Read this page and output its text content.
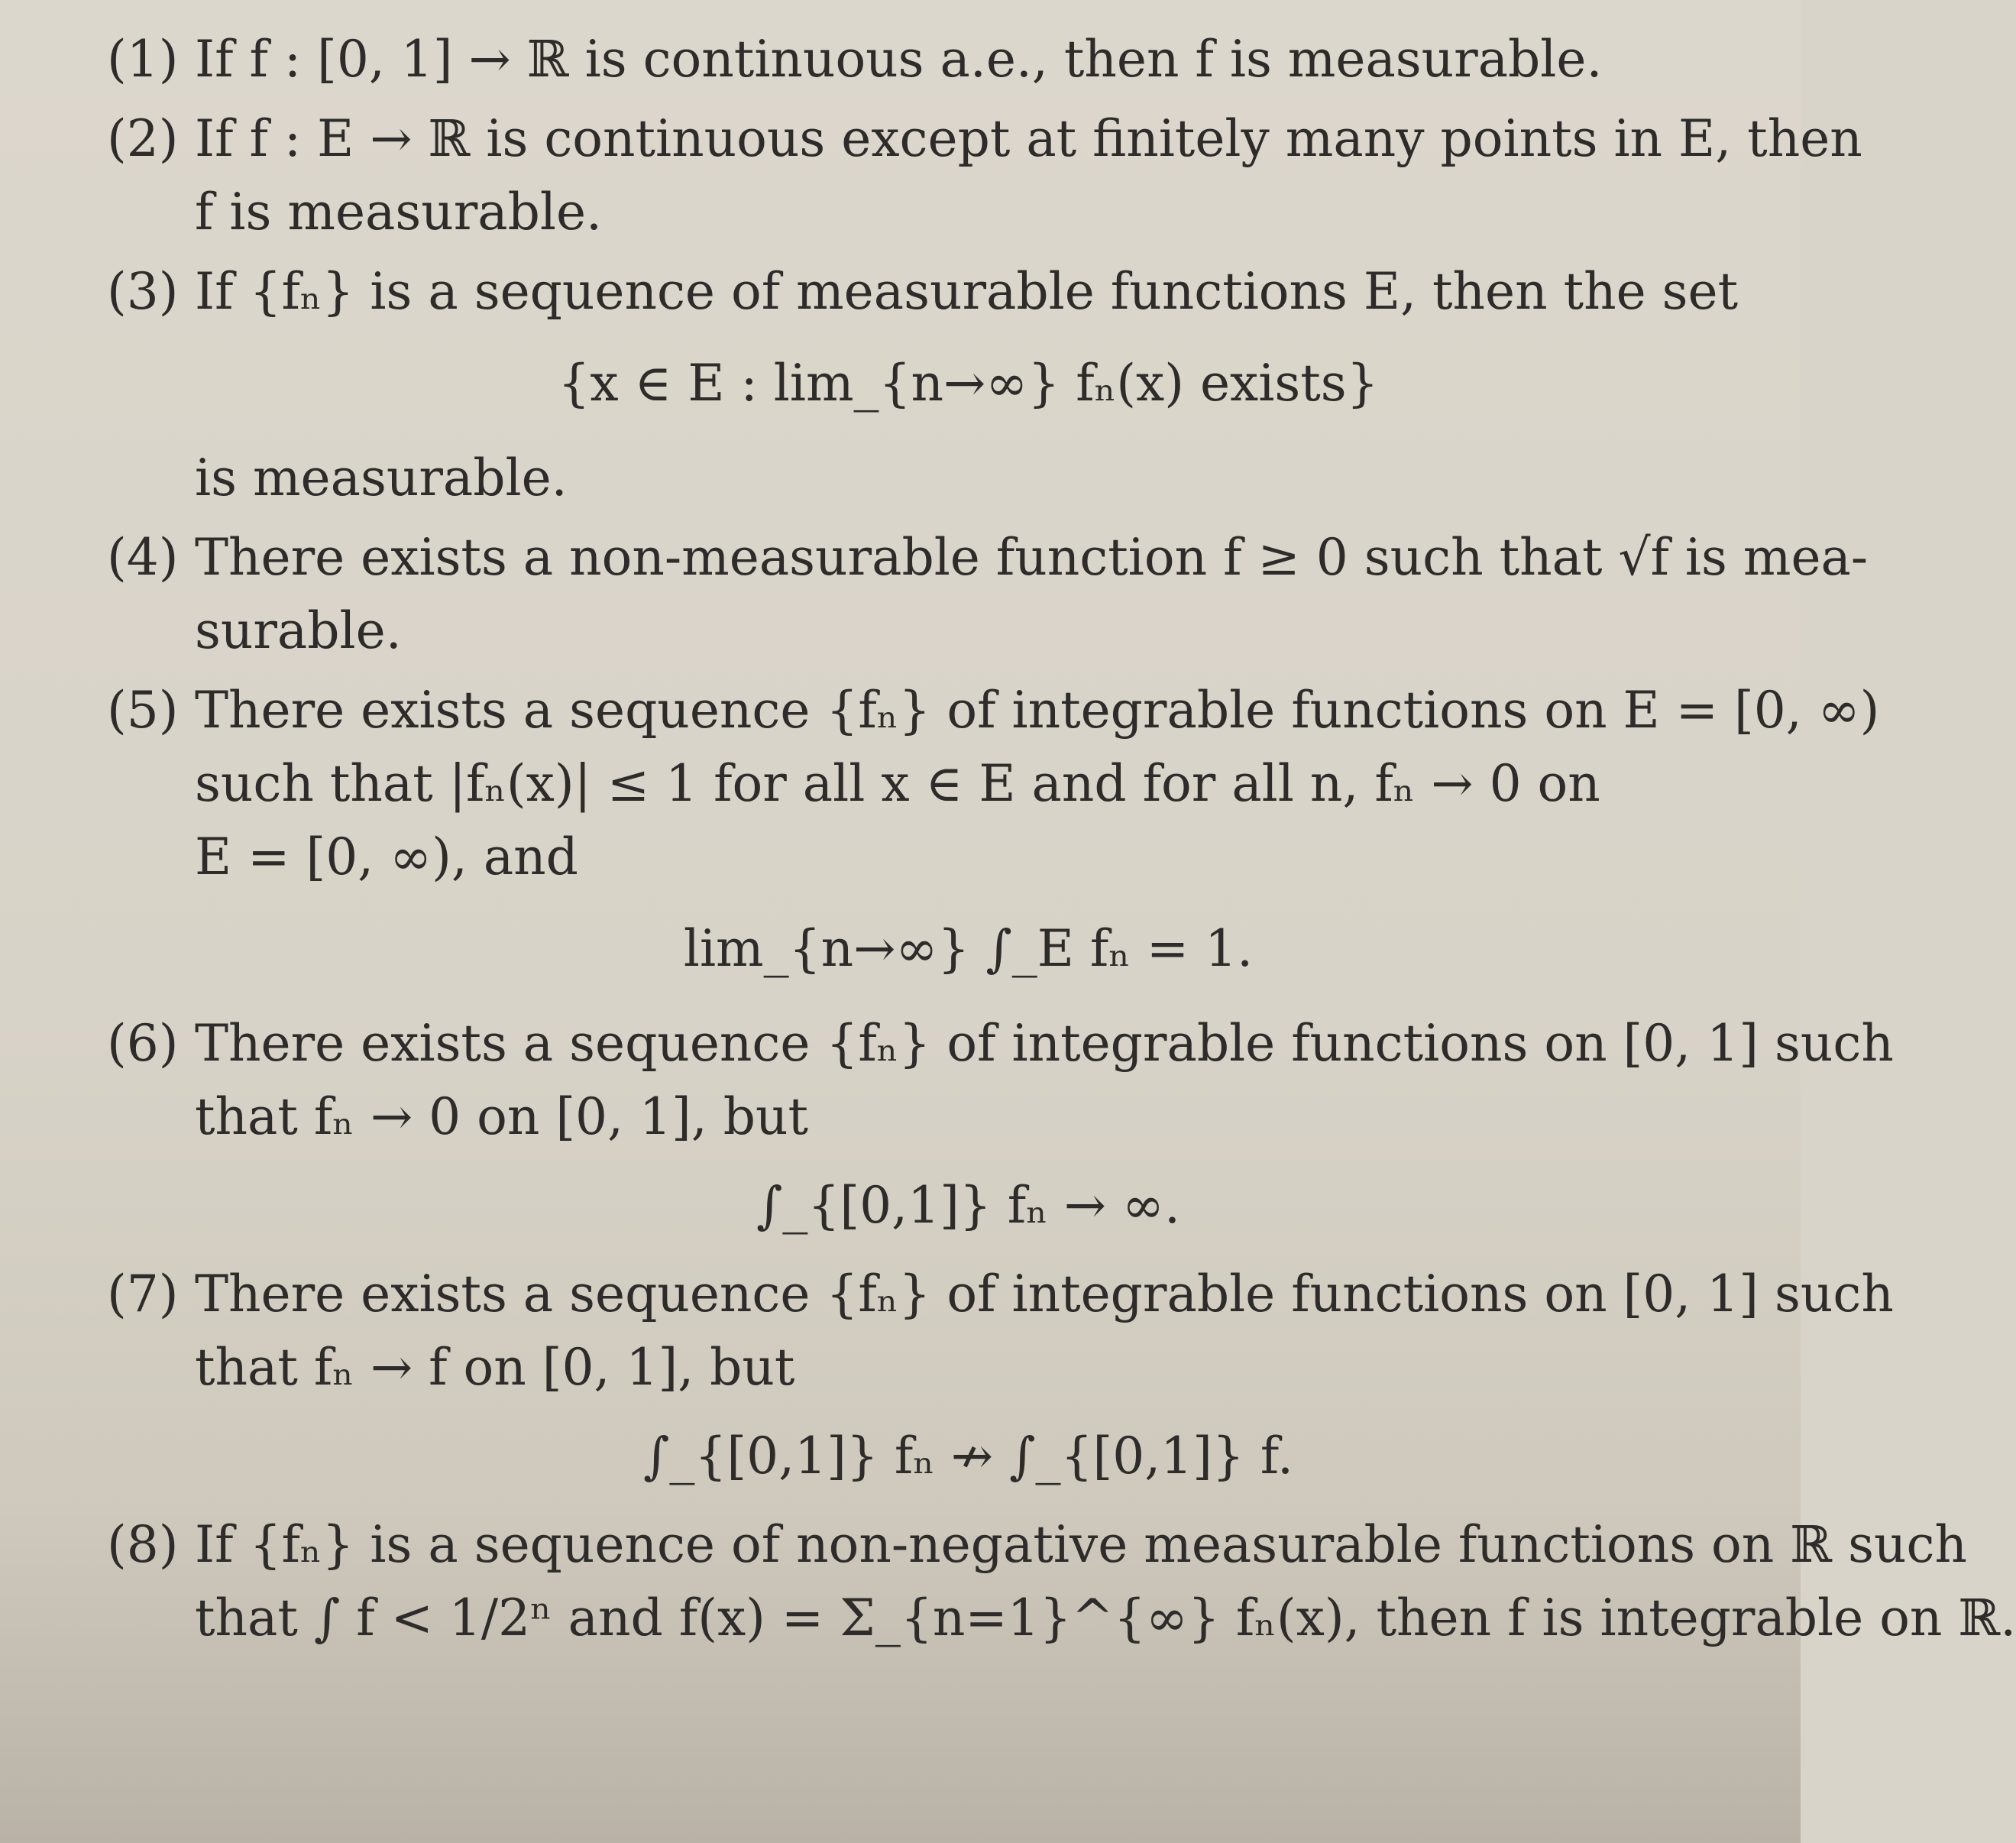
(1) If f : [0, 1] → ℝ is continuous a.e., then f is measurable.
(2) If f : E → ℝ is continuous except at finitely many points in E, then
f is measurable.
(3) If {fₙ} is a sequence of measurable functions E, then the set
{x ∈ E : lim_{n→∞} fₙ(x) exists}
is measurable.
(4) There exists a non-measurable function f ≥ 0 such that √f is mea-
surable.
(5) There exists a sequence {fₙ} of integrable functions on E = [0, ∞)
such that |fₙ(x)| ≤ 1 for all x ∈ E and for all n, fₙ → 0 on
E = [0, ∞), and
lim_{n→∞} ∫_E fₙ = 1.
(6) There exists a sequence {fₙ} of integrable functions on [0, 1] such
that fₙ → 0 on [0, 1], but
∫_{[0,1]} fₙ → ∞.
(7) There exists a sequence {fₙ} of integrable functions on [0, 1] such
that fₙ → f on [0, 1], but
∫_{[0,1]} fₙ ↛ ∫_{[0,1]} f.
(8) If {fₙ} is a sequence of non-negative measurable functions on ℝ such
that ∫ f < 1/2ⁿ and f(x) = Σ_{n=1}^{∞} fₙ(x), then f is integrable on ℝ.
